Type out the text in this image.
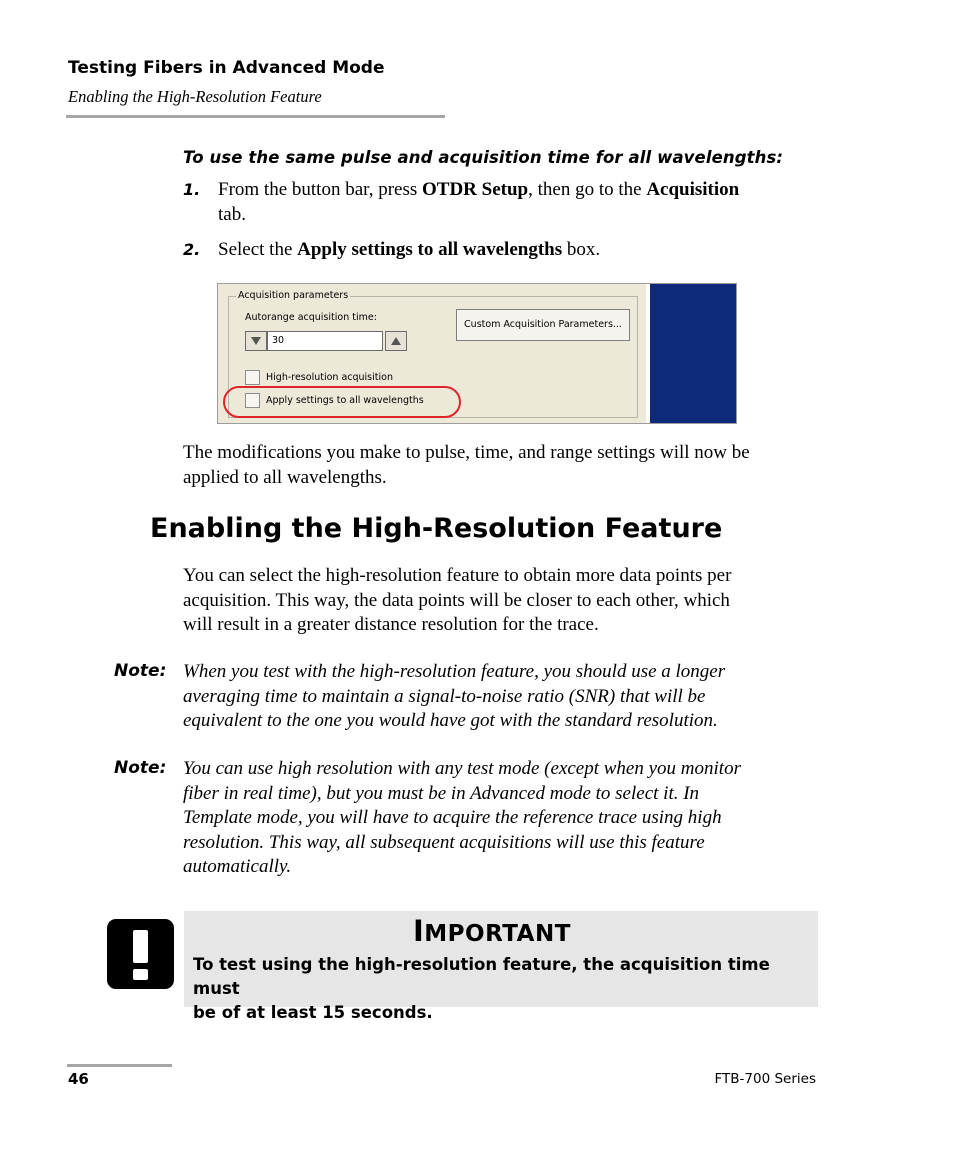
Testing Fibers in Advanced Mode
Enabling the High-Resolution Feature
To use the same pulse and acquisition time for all wavelengths:
1. From the button bar, press OTDR Setup, then go to the Acquisition
tab.
2. Select the Apply settings to all wavelengths box.
Acquisition parameters
Autorange acquisition time:
30
Custom Acquisition Parameters...
High-resolution acquisition
Apply settings to all wavelengths
The modifications you make to pulse, time, and range settings will now be
applied to all wavelengths.
Enabling the High-Resolution Feature
You can select the high-resolution feature to obtain more data points per
acquisition. This way, the data points will be closer to each other, which
will result in a greater distance resolution for the trace.
Note: When you test with the high-resolution feature, you should use a longer
averaging time to maintain a signal-to-noise ratio (SNR) that will be
equivalent to the one you would have got with the standard resolution.
Note: You can use high resolution with any test mode (except when you monitor
fiber in real time), but you must be in Advanced mode to select it. In
Template mode, you will have to acquire the reference trace using high
resolution. This way, all subsequent acquisitions will use this feature
automatically.
IMPORTANT
To test using the high-resolution feature, the acquisition time must
be of at least 15 seconds.
46	FTB-700 Series
